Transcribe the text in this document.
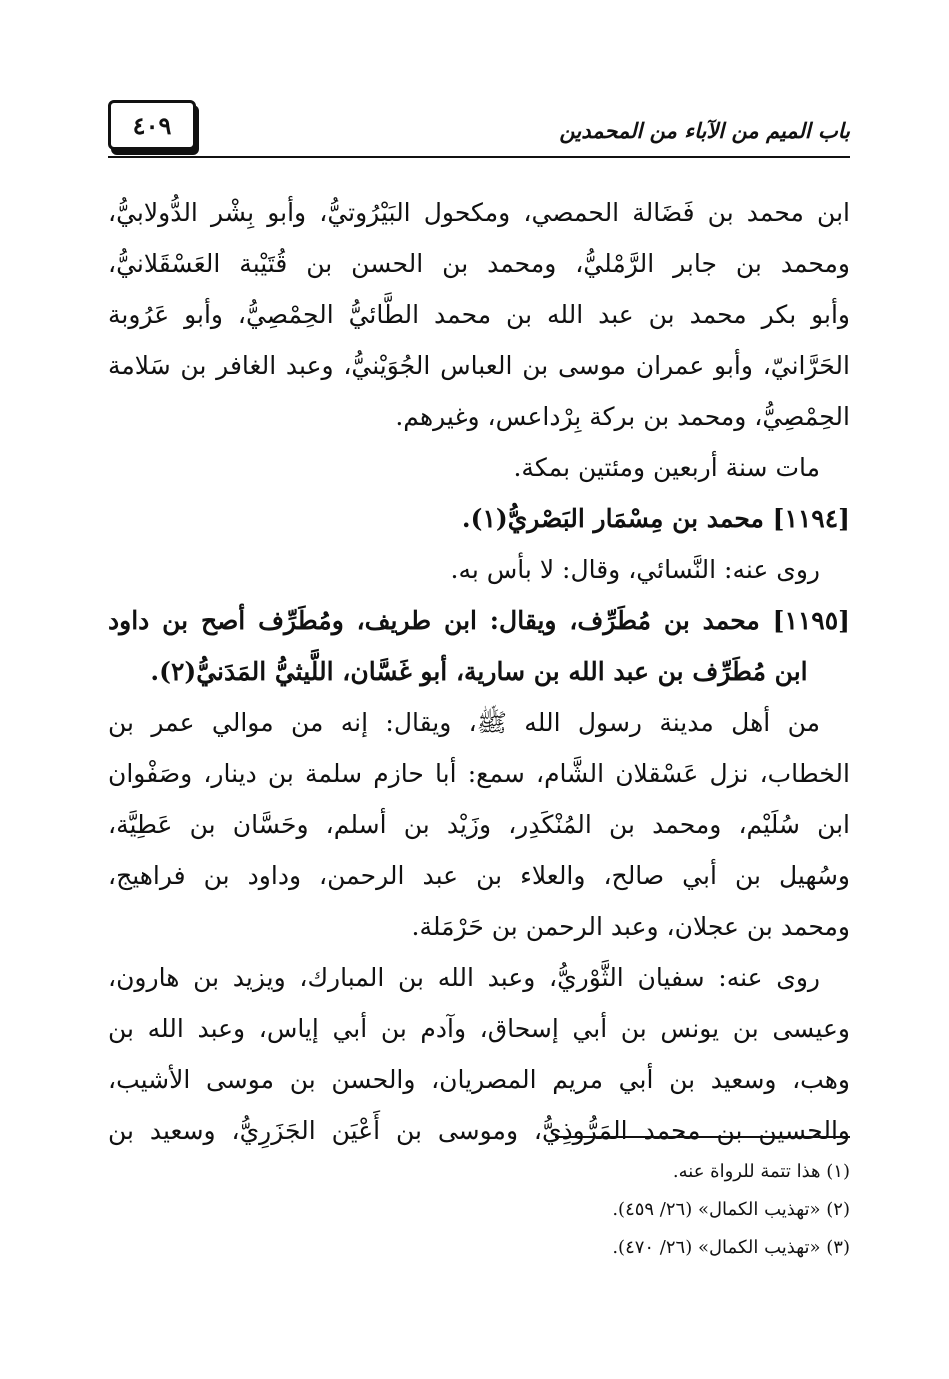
٤٠٩	باب الميم من الآباء من المحمدين
ابن محمد بن فَضَالة الحمصي، ومكحول البَيْرُوتيُّ، وأبو بِشْر الدُّولابيُّ،
ومحمد بن جابر الرَّمْليُّ، ومحمد بن الحسن بن قُتَيْبة العَسْقَلانيُّ،
وأبو بكر محمد بن عبد الله بن محمد الطَّائيُّ الحِمْصِيُّ، وأبو عَرُوبة
الحَرَّانيّ، وأبو عمران موسى بن العباس الجُوَيْنيُّ، وعبد الغافر بن سَلامة
الحِمْصِيُّ، ومحمد بن بركة بِرْداعس، وغيرهم.
مات سنة أربعين ومئتين بمكة.
[١١٩٤] محمد بن مِسْمَار البَصْريُّ(١).
روى عنه: النَّسائي، وقال: لا بأس به.
[١١٩٥] محمد بن مُطَرِّف، ويقال: ابن طريف، ومُطَرِّف أصح بن داود
ابن مُطَرِّف بن عبد الله بن سارية، أبو غَسَّان، اللَّيثيُّ المَدَنيُّ(٢).
من أهل مدينة رسول الله ﷺ، ويقال: إنه من موالي عمر بن
الخطاب، نزل عَسْقلان الشَّام، سمع: أبا حازم سلمة بن دينار، وصَفْوان
ابن سُلَيْم، ومحمد بن المُنْكَدِر، وزَيْد بن أسلم، وحَسَّان بن عَطِيَّة،
وسُهيل بن أبي صالح، والعلاء بن عبد الرحمن، وداود بن فراهيج،
ومحمد بن عجلان، وعبد الرحمن بن حَرْمَلة.
روى عنه: سفيان الثَّوْريُّ، وعبد الله بن المبارك، ويزيد بن هارون،
وعيسى بن يونس بن أبي إسحاق، وآدم بن أبي إياس، وعبد الله بن
وهب، وسعيد بن أبي مريم المصريان، والحسن بن موسى الأشيب،
والحسين بن محمد المَرُّوذِيُّ، وموسى بن أَعْيَن الجَزَرِيُّ، وسعيد بن
(١) هذا تتمة للرواة عنه.
(٢) «تهذيب الكمال» (٢٦/ ٤٥٩).
(٣) «تهذيب الكمال» (٢٦/ ٤٧٠).
